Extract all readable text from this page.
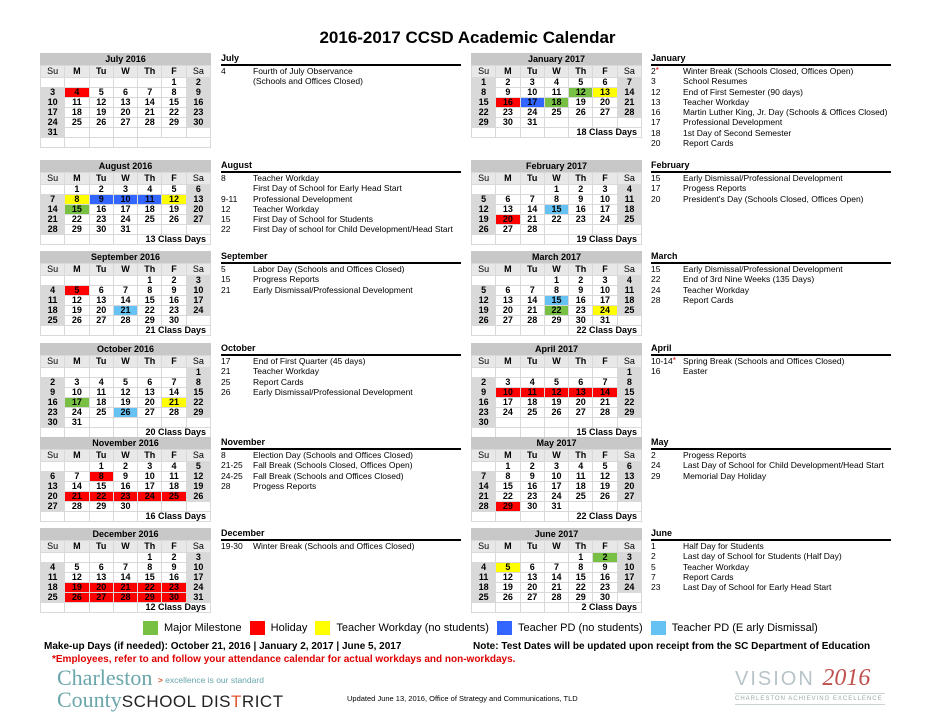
2016-2017 CCSD Academic Calendar
July 2016
Su	M	Tu	W	Th	F	Sa
					1	2
3	4	5	6	7	8	9
10	11	12	13	14	15	16
17	18	19	20	21	22	23
24	25	26	27	28	29	30
31						

August 2016
Su	M	Tu	W	Th	F	Sa
	1	2	3	4	5	6
7	8	9	10	11	12	13
14	15	16	17	18	19	20
21	22	23	24	25	26	27
28	29	30	31			
				13 Class Days		
September 2016
Su	M	Tu	W	Th	F	Sa
				1	2	3
4	5	6	7	8	9	10
11	12	13	14	15	16	17
18	19	20	21	22	23	24
25	26	27	28	29	30	
				21 Class Days		
October 2016
Su	M	Tu	W	Th	F	Sa
						1
2	3	4	5	6	7	8
9	10	11	12	13	14	15
16	17	18	19	20	21	22
23	24	25	26	27	28	29
30	31					
				20 Class Days		
November 2016
Su	M	Tu	W	Th	F	Sa
		1	2	3	4	5
6	7	8	9	10	11	12
13	14	15	16	17	18	19
20	21	22	23	24	25	26
27	28	29	30			
				16 Class Days		
December 2016
Su	M	Tu	W	Th	F	Sa
				1	2	3
4	5	6	7	8	9	10
11	12	13	14	15	16	17
18	19	20	21	22	23	24
25	26	27	28	29	30	31
				12 Class Days		
January 2017
Su	M	Tu	W	Th	F	Sa
1	2	3	4	5	6	7
8	9	10	11	12	13	14
15	16	17	18	19	20	21
22	23	24	25	26	27	28
29	30	31				
				18 Class Days		
February 2017
Su	M	Tu	W	Th	F	Sa
			1	2	3	4
5	6	7	8	9	10	11
12	13	14	15	16	17	18
19	20	21	22	23	24	25
26	27	28				
				19 Class Days		
March 2017
Su	M	Tu	W	Th	F	Sa
			1	2	3	4
5	6	7	8	9	10	11
12	13	14	15	16	17	18
19	20	21	22	23	24	25
26	27	28	29	30	31	
				22 Class Days		
April 2017
Su	M	Tu	W	Th	F	Sa
						1
2	3	4	5	6	7	8
9	10	11	12	13	14	15
16	17	18	19	20	21	22
23	24	25	26	27	28	29
30						
				15 Class Days		
May 2017
Su	M	Tu	W	Th	F	Sa
	1	2	3	4	5	6
7	8	9	10	11	12	13
14	15	16	17	18	19	20
21	22	23	24	25	26	27
28	29	30	31			
				22 Class Days		
June 2017
Su	M	Tu	W	Th	F	Sa
				1	2	3
4	5	6	7	8	9	10
11	12	13	14	15	16	17
18	19	20	21	22	23	24
25	26	27	28	29	30	
				2 Class Days		
July
4	Fourth of July Observance
(Schools and Offices Closed)
August
8	Teacher Workday
First Day of School for Early Head Start
9-11	Professional Development
12	Teacher Workday
15	First Day of School for Students
22	First Day of school for Child Development/Head Start
September
5	Labor Day (Schools and Offices Closed)
15	Progress Reports
21	Early Dismissal/Professional Development
October
17	End of First Quarter (45 days)
21	Teacher Workday
25	Report Cards
26	Early Dismissal/Professional Development
November
8	Election Day (Schools and Offices Closed)
21-25	Fall Break (Schools Closed, Offices Open)
24-25	Fall Break (Schools and Offices Closed)
28	Progess Reports
December
19-30	Winter Break (Schools and Offices Closed)
January
2*	Winter Break (Schools Closed, Offices Open)
3	School Resumes
12	End of First Semester (90 days)
13	Teacher Workday
16	Martin Luther King, Jr. Day (Schools & Offices Closed)
17	Professional Development
18	1st Day of Second Semester
20	Report Cards
February
15	Early Dismissal/Professional Development
17	Progess Reports
20	President's Day (Schools Closed, Offices Open)
March
15	Early Dismissal/Professional Development
22	End of 3rd Nine Weeks (135 Days)
24	Teacher Workday
28	Report Cards
April
10-14* Spring Break (Schools and Offices Closed)
16	Easter
May
2	Progess Reports
24	Last Day of School for Child Development/Head Start
29	Memorial Day Holiday
June
1	Half Day for Students
2	Last day of School for Students (Half Day)
5	Teacher Workday
7	Report Cards
23	Last Day of School for Early Head Start
Major Milestone	Holiday	Teacher Workday (no students)	Teacher PD (no students)	Teacher PD (E arly Dismissal)
Make-up Days (if needed): October 21, 2016 | January 2, 2017 | June 5, 2017	Note: Test Dates will be updated upon receipt from the SC Department of Education
*Employees, refer to and follow your attendance calendar for actual workdays and non-workdays.
Charleston > excellence is our standard
CountySCHOOL DISTRICT	Updated June 13, 2016, Office of Strategy and Communications, TLD
VISION 2016
CHARLESTON ACHIEVING EXCELLENCE
